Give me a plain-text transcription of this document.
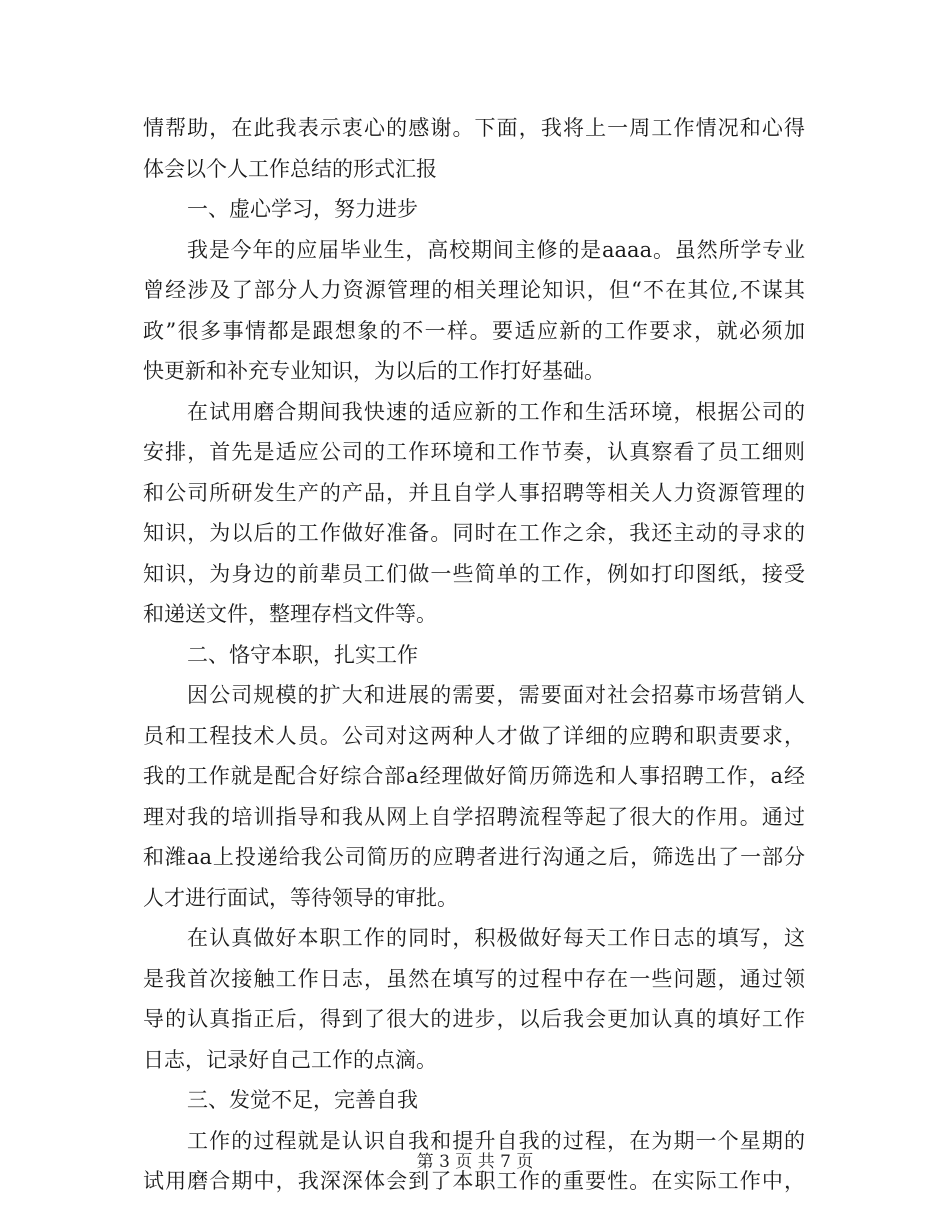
情帮助，在此我表示衷心的感谢。下面，我将上一周工作情况和心得
体会以个人工作总结的形式汇报
一、虚心学习，努力进步
我是今年的应届毕业生，高校期间主修的是aaaa。虽然所学专业
曾经涉及了部分人力资源管理的相关理论知识，但“不在其位,不谋其
政”很多事情都是跟想象的不一样。要适应新的工作要求，就必须加
快更新和补充专业知识，为以后的工作打好基础。
在试用磨合期间我快速的适应新的工作和生活环境，根据公司的
安排，首先是适应公司的工作环境和工作节奏，认真察看了员工细则
和公司所研发生产的产品，并且自学人事招聘等相关人力资源管理的
知识，为以后的工作做好准备。同时在工作之余，我还主动的寻求的
知识，为身边的前辈员工们做一些简单的工作，例如打印图纸，接受
和递送文件，整理存档文件等。
二、恪守本职，扎实工作
因公司规模的扩大和进展的需要，需要面对社会招募市场营销人
员和工程技术人员。公司对这两种人才做了详细的应聘和职责要求，
我的工作就是配合好综合部a经理做好简历筛选和人事招聘工作，a经
理对我的培训指导和我从网上自学招聘流程等起了很大的作用。通过
和潍aa上投递给我公司简历的应聘者进行沟通之后，筛选出了一部分
人才进行面试，等待领导的审批。
在认真做好本职工作的同时，积极做好每天工作日志的填写，这
是我首次接触工作日志，虽然在填写的过程中存在一些问题，通过领
导的认真指正后，得到了很大的进步，以后我会更加认真的填好工作
日志，记录好自己工作的点滴。
三、发觉不足，完善自我
工作的过程就是认识自我和提升自我的过程，在为期一个星期的
试用磨合期中，我深深体会到了本职工作的重要性。在实际工作中，
第 3 页 共 7 页
